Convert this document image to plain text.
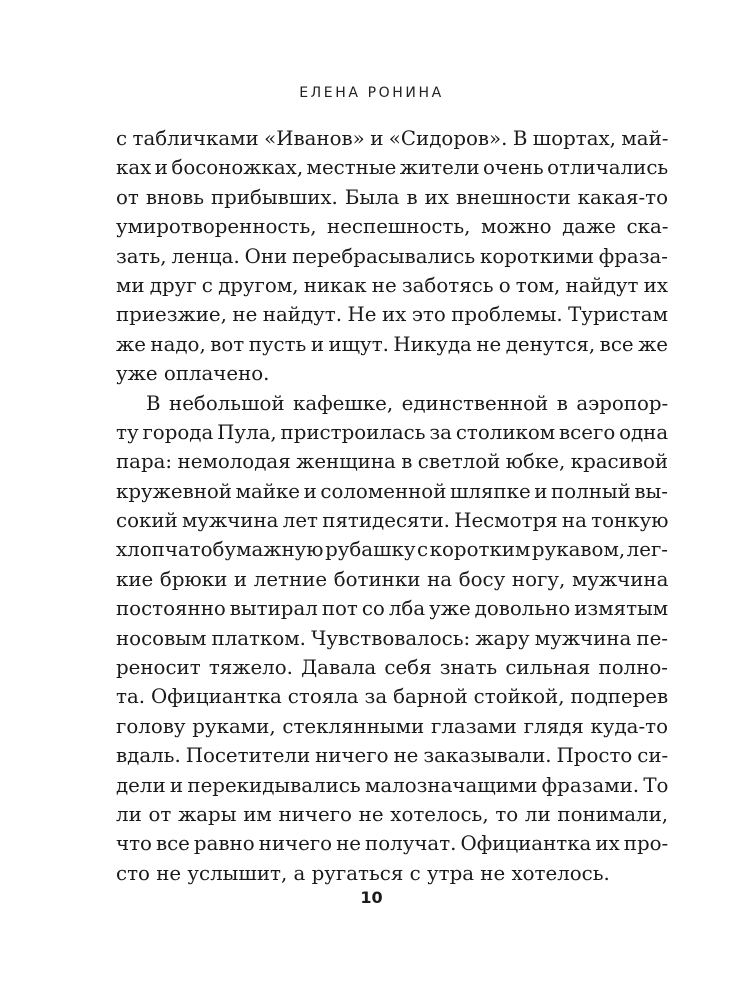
ЕЛЕНА РОНИНА
с табличками «Иванов» и «Сидоров». В шортах, май-
ках и босоножках, местные жители очень отличались
от вновь прибывших. Была в их внешности какая-то
умиротворенность, неспешность, можно даже ска-
зать, ленца. Они перебрасывались короткими фраза-
ми друг с другом, никак не заботясь о том, найдут их
приезжие, не найдут. Не их это проблемы. Туристам
же надо, вот пусть и ищут. Никуда не денутся, все же
уже оплачено.
В небольшой кафешке, единственной в аэропор-
ту города Пула, пристроилась за столиком всего одна
пара: немолодая женщина в светлой юбке, красивой
кружевной майке и соломенной шляпке и полный вы-
сокий мужчина лет пятидесяти. Несмотря на тонкую
хлопчатобумажную рубашку с коротким рукавом, лег-
кие брюки и летние ботинки на босу ногу, мужчина
постоянно вытирал пот со лба уже довольно измятым
носовым платком. Чувствовалось: жару мужчина пе-
реносит тяжело. Давала себя знать сильная полно-
та. Официантка стояла за барной стойкой, подперев
голову руками, стеклянными глазами глядя куда-то
вдаль. Посетители ничего не заказывали. Просто си-
дели и перекидывались малозначащими фразами. То
ли от жары им ничего не хотелось, то ли понимали,
что все равно ничего не получат. Официантка их про-
сто не услышит, а ругаться с утра не хотелось.
10
